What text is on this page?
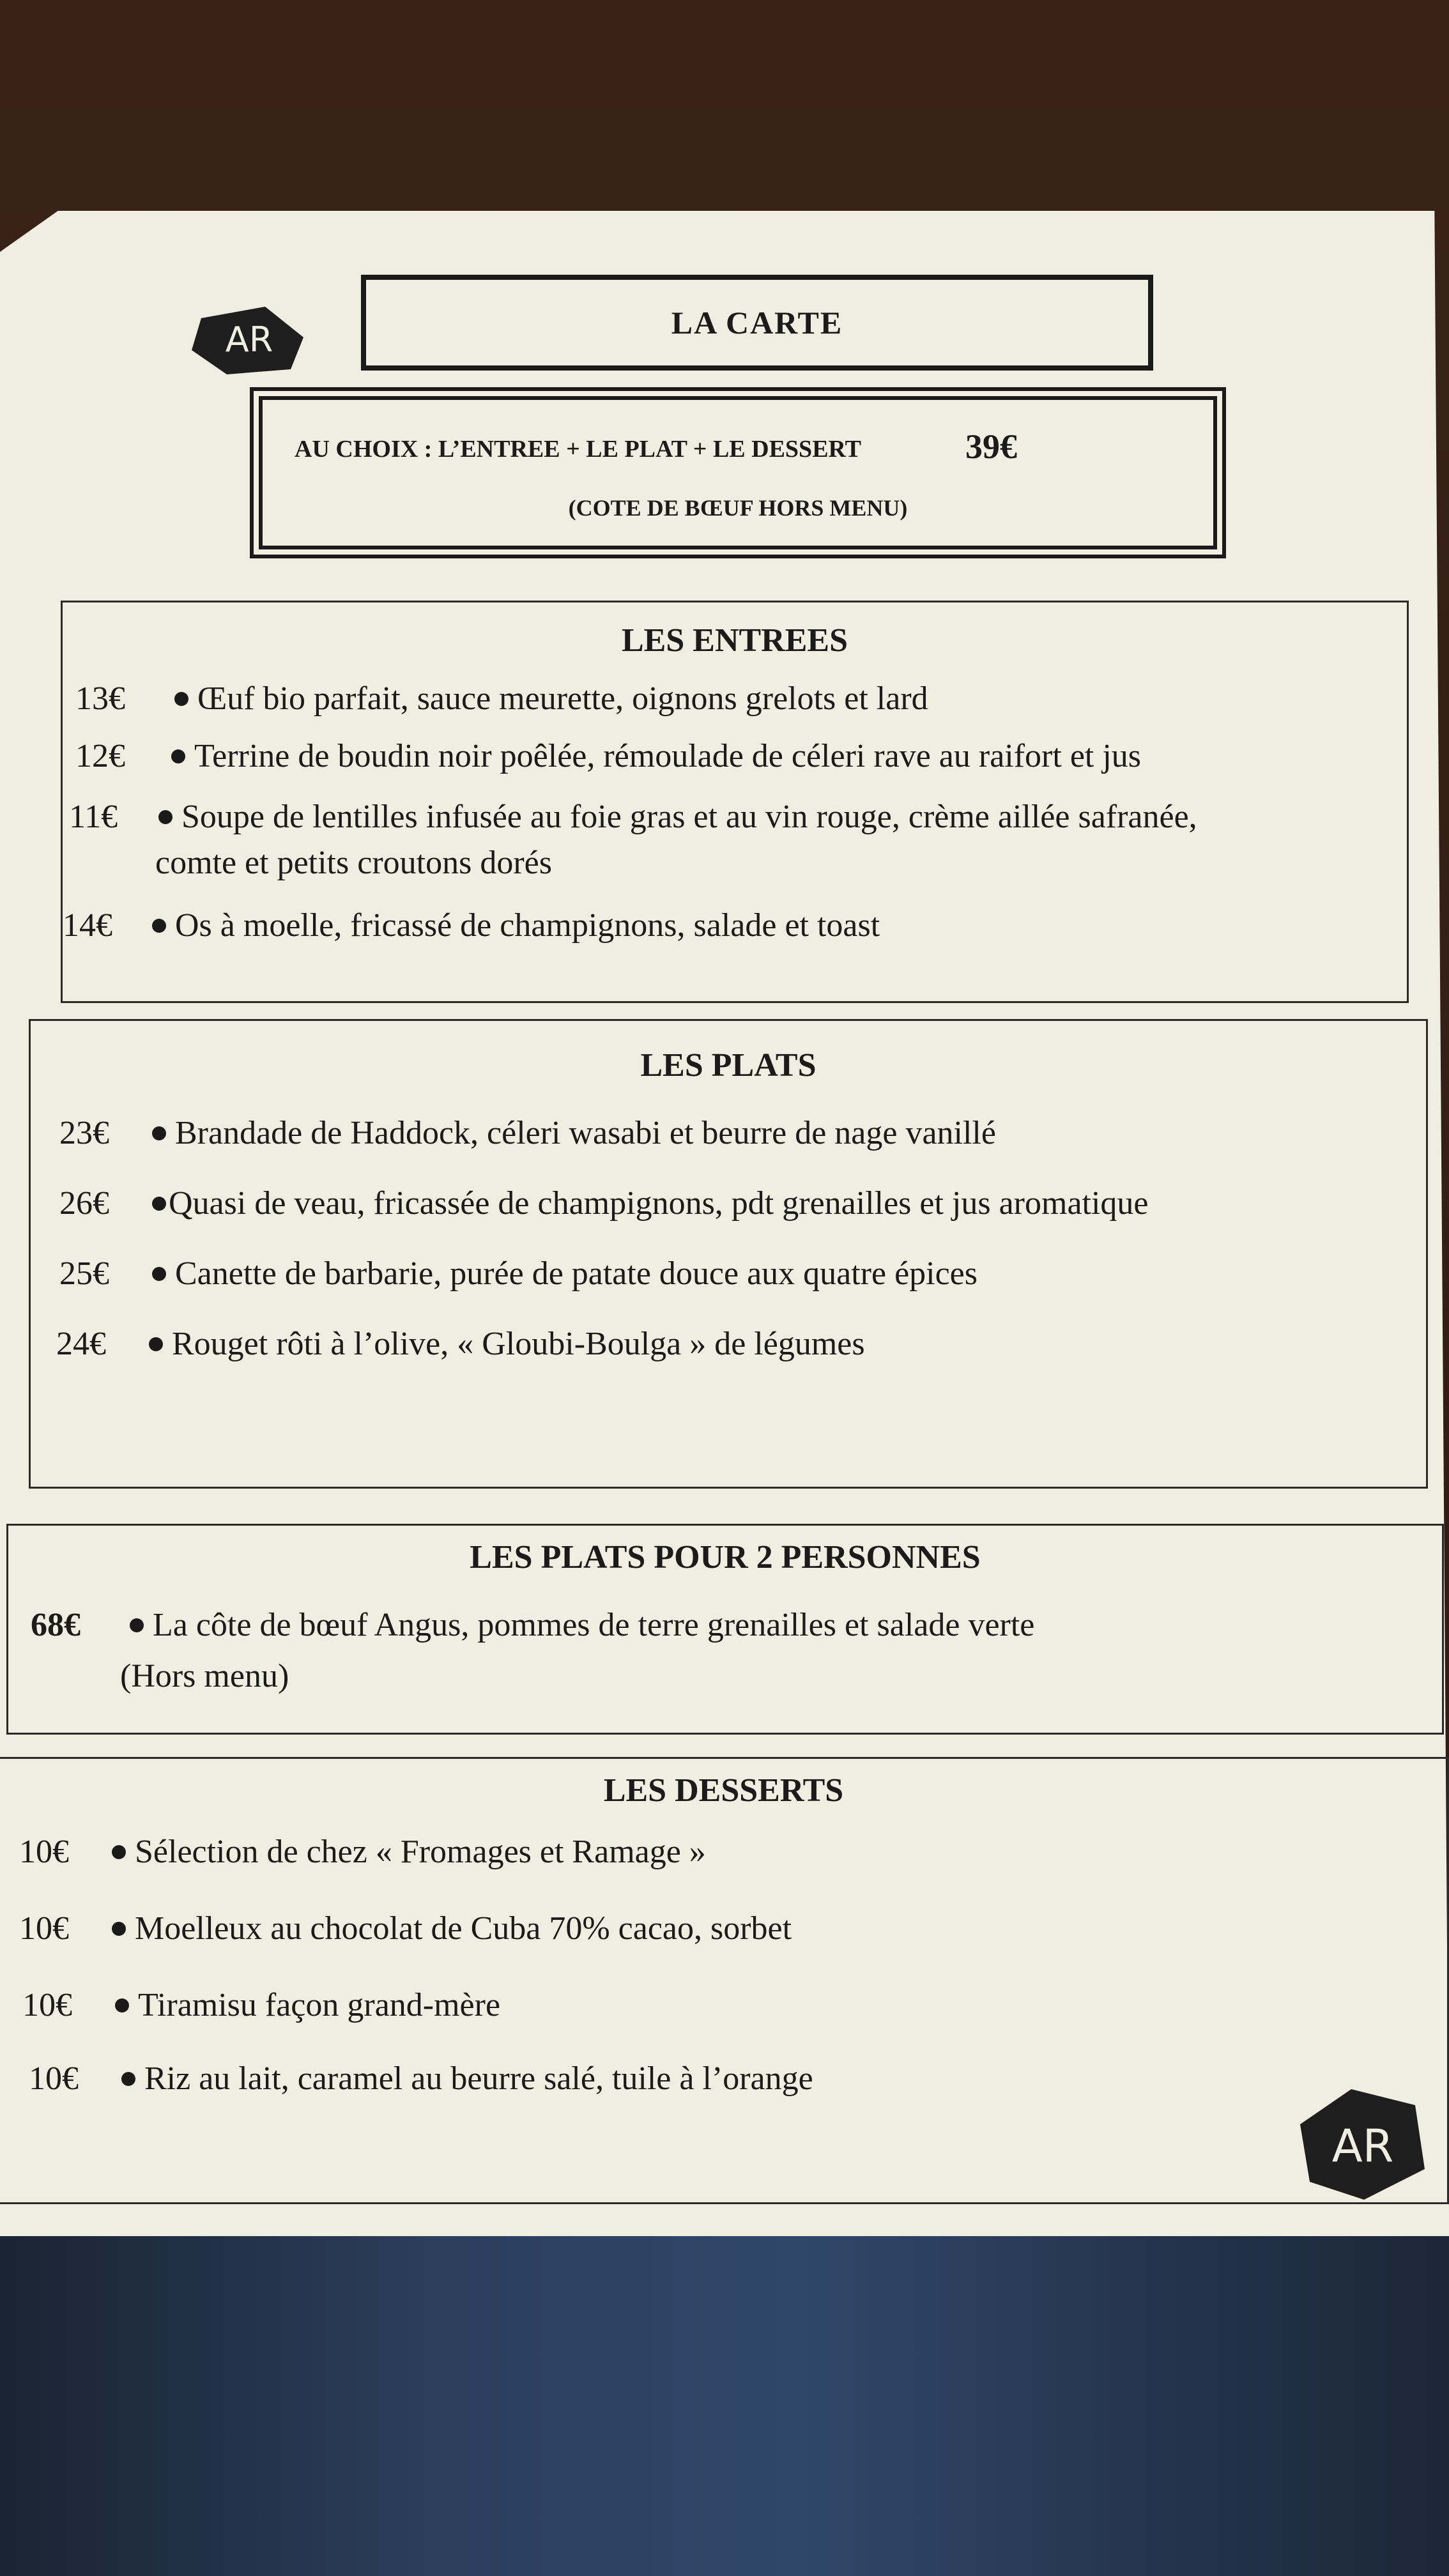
AR	LA CARTE
AU CHOIX : L’ENTREE + LE PLAT + LE DESSERT	39€
(COTE DE BŒUF HORS MENU)
LES ENTREES
13€	Œuf bio parfait, sauce meurette, oignons grelots et lard
12€	Terrine de boudin noir poêlée, rémoulade de céleri rave au raifort et jus
11€	Soupe de lentilles infusée au foie gras et au vin rouge, crème aillée safranée,
comte et petits croutons dorés
14€	Os à moelle, fricassé de champignons, salade et toast
LES PLATS
23€	Brandade de Haddock, céleri wasabi et beurre de nage vanillé
26€	Quasi de veau, fricassée de champignons, pdt grenailles et jus aromatique
25€	Canette de barbarie, purée de patate douce aux quatre épices
24€	Rouget rôti à l’olive, « Gloubi-Boulga » de légumes
LES PLATS POUR 2 PERSONNES
68€	La côte de bœuf Angus, pommes de terre grenailles et salade verte
(Hors menu)
LES DESSERTS
10€	Sélection de chez « Fromages et Ramage »
10€	Moelleux au chocolat de Cuba 70% cacao, sorbet
10€	Tiramisu façon grand-mère
10€	Riz au lait, caramel au beurre salé, tuile à l’orange
AR
